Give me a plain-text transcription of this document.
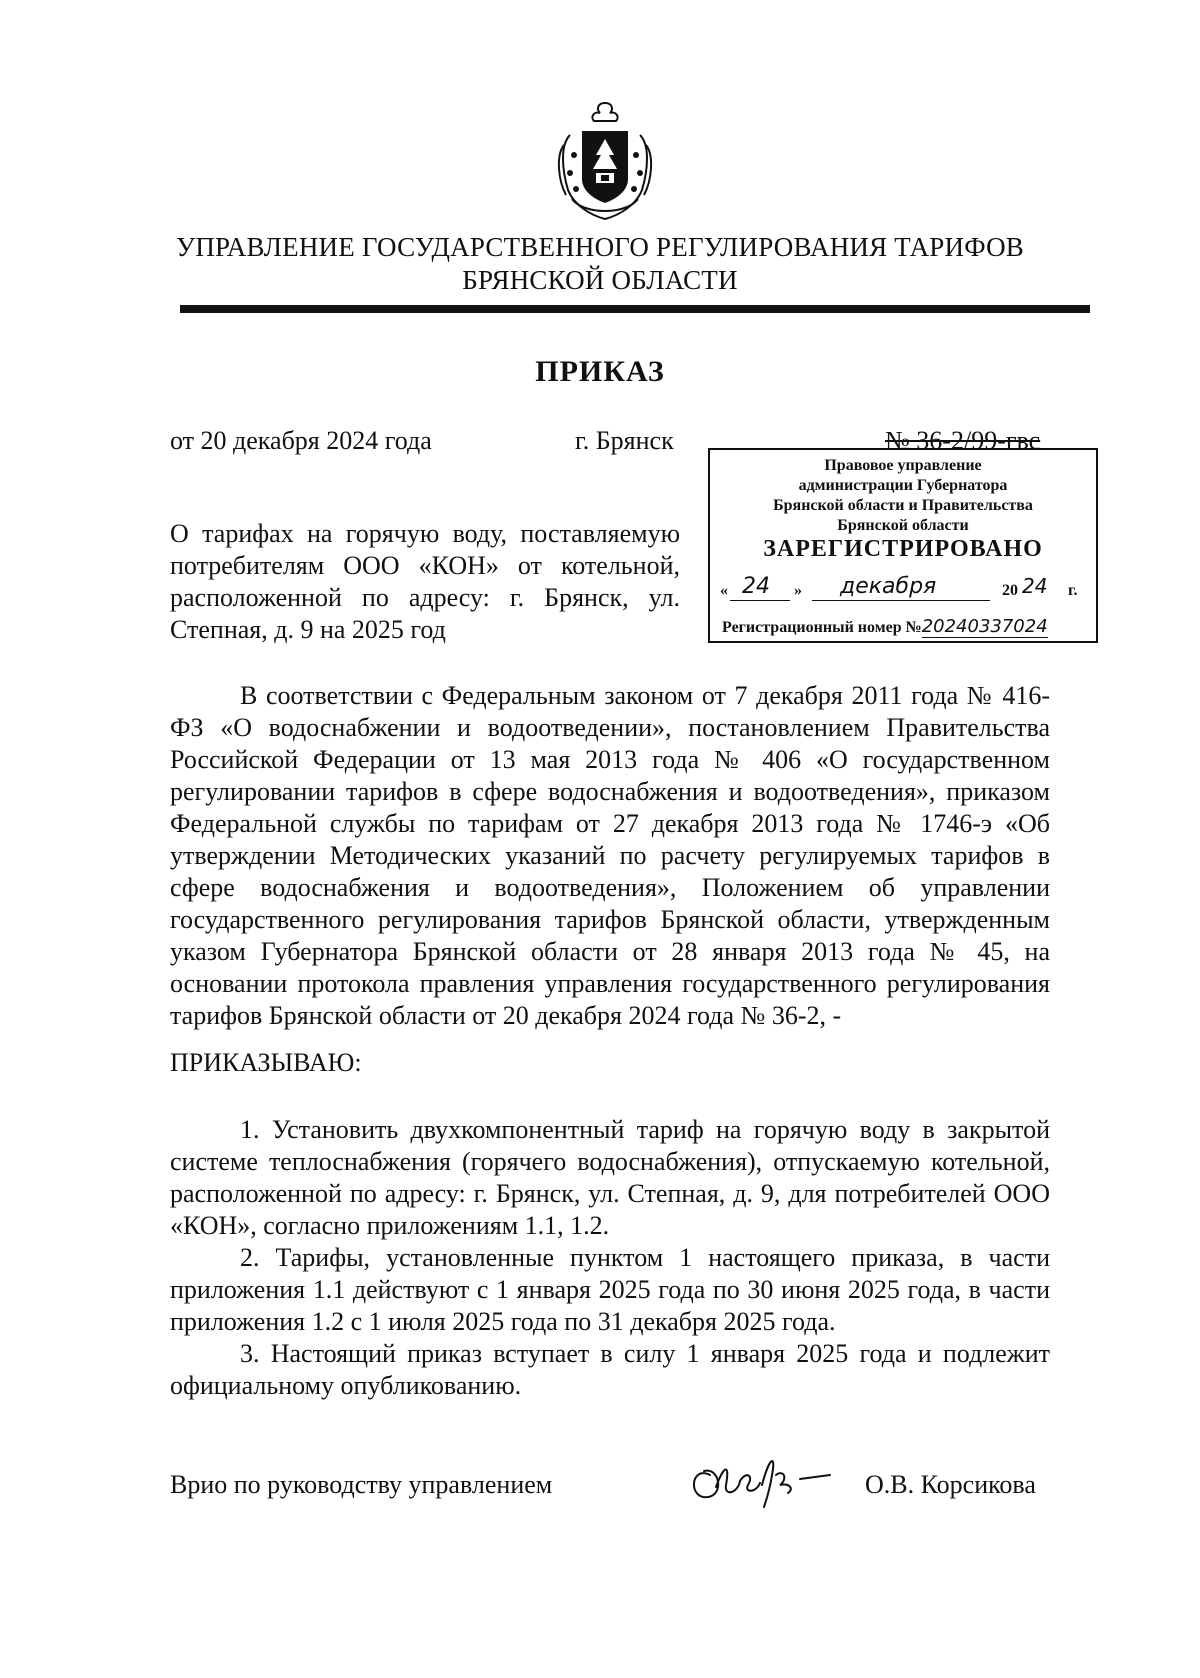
УПРАВЛЕНИЕ ГОСУДАРСТВЕННОГО РЕГУЛИРОВАНИЯ ТАРИФОВ
БРЯНСКОЙ ОБЛАСТИ
ПРИКАЗ
от 20 декабря 2024 года	г. Брянск	№ 36-2/99-гвс
Правовое управление
администрации Губернатора
Брянской области и Правительства
Брянской области
ЗАРЕГИСТРИРОВАНО
« 24 » декабря	20 24 г.
Регистрационный номер №20240337024
О тарифах на горячую воду, поставляемую потребителям ООО «КОН» от котельной, расположенной по адресу: г. Брянск, ул. Степная, д. 9 на 2025 год
В соответствии с Федеральным законом от 7 декабря 2011 года № 416-ФЗ «О водоснабжении и водоотведении», постановлением Правительства Российской Федерации от 13 мая 2013 года № 406 «О государственном регулировании тарифов в сфере водоснабжения и водоотведения», приказом Федеральной службы по тарифам от 27 декабря 2013 года № 1746-э «Об утверждении Методических указаний по расчету регулируемых тарифов в сфере водоснабжения и водоотведения», Положением об управлении государственного регулирования тарифов Брянской области, утвержденным указом Губернатора Брянской области от 28 января 2013 года № 45, на основании протокола правления управления государственного регулирования тарифов Брянской области от 20 декабря 2024 года № 36-2, -
ПРИКАЗЫВАЮ:

1. Установить двухкомпонентный тариф на горячую воду в закрытой системе теплоснабжения (горячего водоснабжения), отпускаемую котельной, расположенной по адресу: г. Брянск, ул. Степная, д. 9, для потребителей ООО «КОН», согласно приложениям 1.1, 1.2.

2. Тарифы, установленные пунктом 1 настоящего приказа, в части приложения 1.1 действуют с 1 января 2025 года по 30 июня 2025 года, в части приложения 1.2 с 1 июля 2025 года по 31 декабря 2025 года.

3. Настоящий приказ вступает в силу 1 января 2025 года и подлежит официальному опубликованию.

Врио по руководству управлением	О.В. Корсикова
